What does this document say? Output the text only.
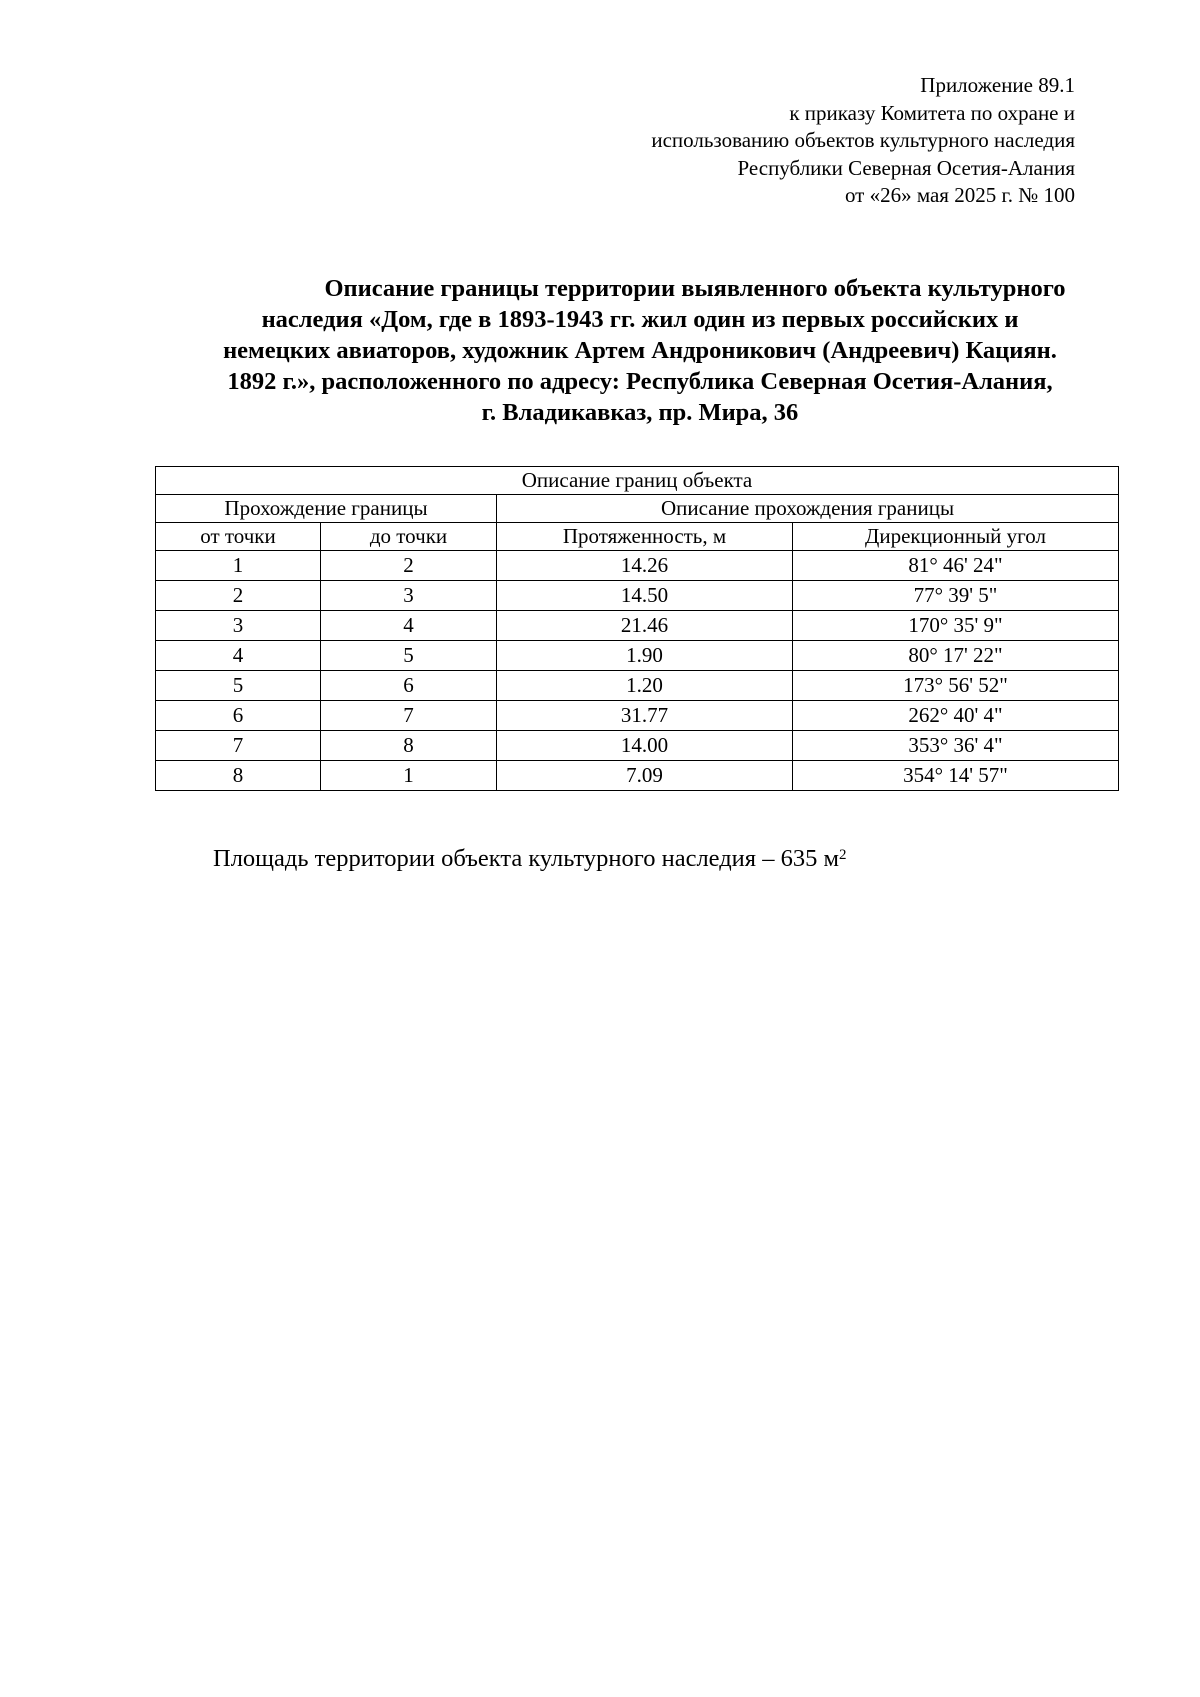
Приложение 89.1
к приказу Комитета по охране и
использованию объектов культурного наследия
Республики Северная Осетия-Алания
от «26» мая 2025 г. № 100
Описание границы территории выявленного объекта культурного
наследия «Дом, где в 1893-1943 гг. жил один из первых российских и
немецких авиаторов, художник Артем Андроникович (Андреевич) Кациян.
1892 г.», расположенного по адресу: Республика Северная Осетия-Алания,
г. Владикавказ, пр. Мира, 36
Описание границ объекта			
Прохождение границы		Описание прохождения границы	
от точки	до точки	Протяженность, м	Дирекционный угол
1	2	14.26	81° 46' 24"
2	3	14.50	77° 39' 5"
3	4	21.46	170° 35' 9"
4	5	1.90	80° 17' 22"
5	6	1.20	173° 56' 52"
6	7	31.77	262° 40' 4"
7	8	14.00	353° 36' 4"
8	1	7.09	354° 14' 57"
Площадь территории объекта культурного наследия – 635 $м^2$
